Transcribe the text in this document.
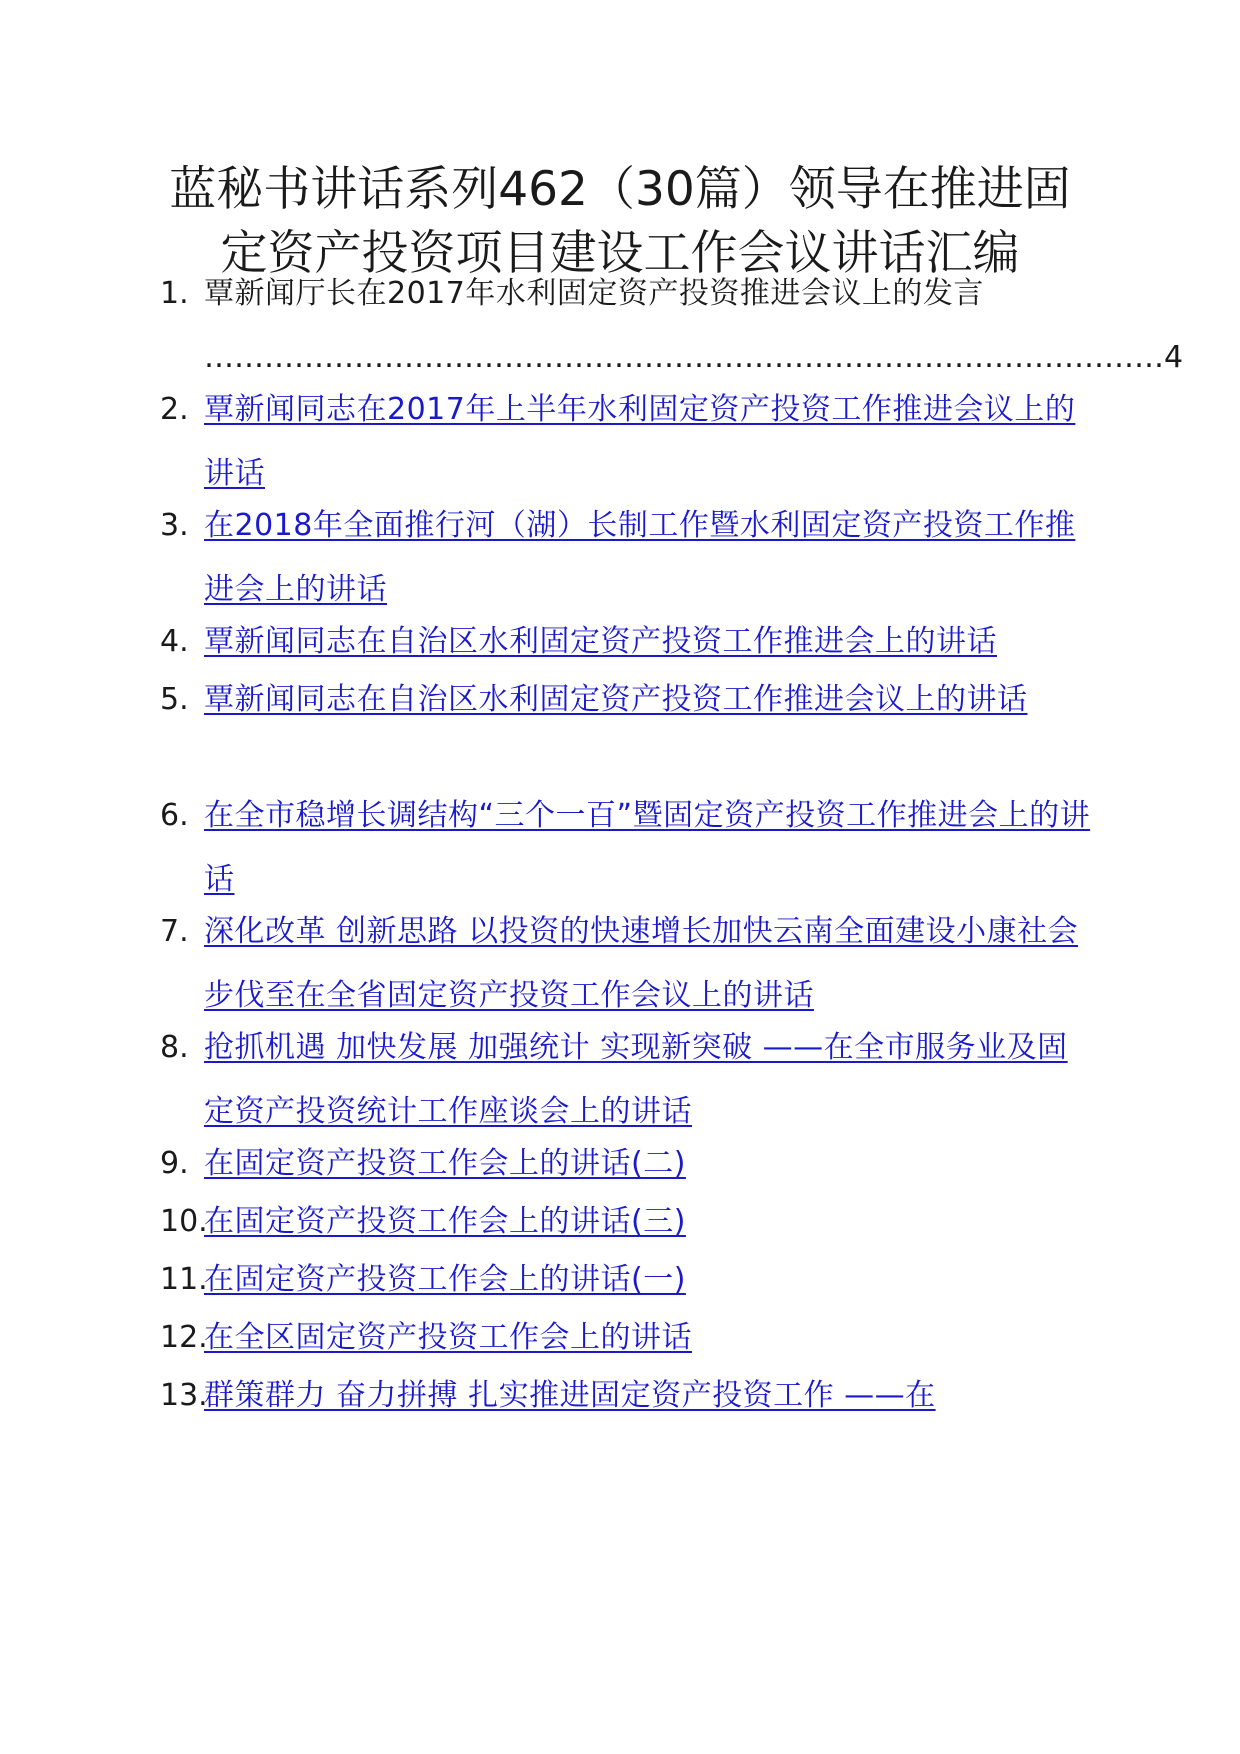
蓝秘书讲话系列462（30篇）领导在推进固
定资产投资项目建设工作会议讲话汇编
1. 覃新闻厅长在2017年水利固定资产投资推进会议上的发言
……………………………………………………………………………………4
2. 覃新闻同志在2017年上半年水利固定资产投资工作推进会议上的讲话
3. 在2018年全面推行河（湖）长制工作暨水利固定资产投资工作推进会上的讲话
4. 覃新闻同志在自治区水利固定资产投资工作推进会上的讲话
5. 覃新闻同志在自治区水利固定资产投资工作推进会议上的讲话
6. 在全市稳增长调结构“三个一百”暨固定资产投资工作推进会上的讲话
7. 深化改革 创新思路 以投资的快速增长加快云南全面建设小康社会步伐至在全省固定资产投资工作会议上的讲话
8. 抢抓机遇 加快发展 加强统计 实现新突破 ——在全市服务业及固定资产投资统计工作座谈会上的讲话
9. 在固定资产投资工作会上的讲话(二)
10.
在固定资产投资工作会上的讲话(三)
11.
在固定资产投资工作会上的讲话(一)
12.
在全区固定资产投资工作会上的讲话
13.
群策群力 奋力拼搏 扎实推进固定资产投资工作 ——在
